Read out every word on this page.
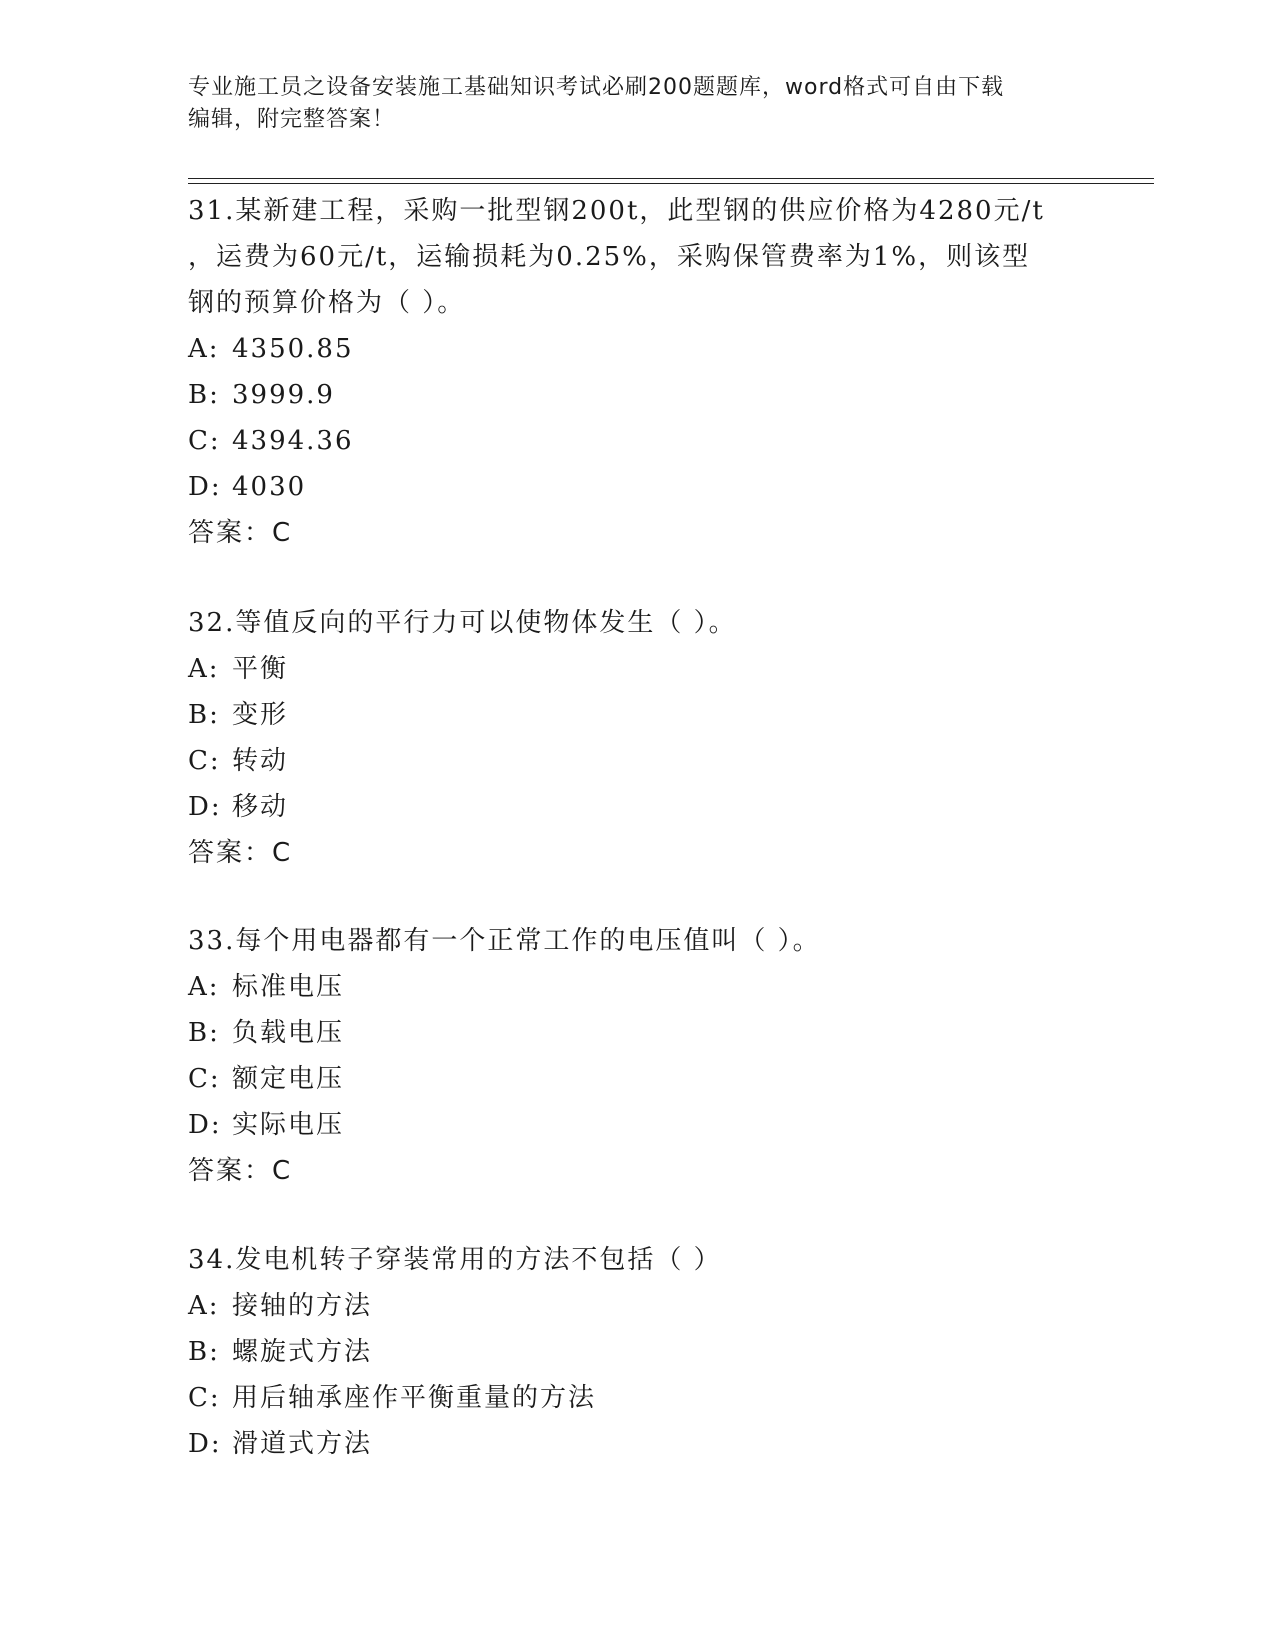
专业施工员之设备安装施工基础知识考试必刷200题题库，word格式可自由下载
编辑，附完整答案！
31.某新建工程，采购一批型钢200t，此型钢的供应价格为4280元/t
，运费为60元/t，运输损耗为0.25%，采购保管费率为1%，则该型
钢的预算价格为（ ）。
A: 4350.85
B: 3999.9
C: 4394.36
D: 4030
答案：C
32.等值反向的平行力可以使物体发生（ ）。
A: 平衡
B: 变形
C: 转动
D: 移动
答案：C
33.每个用电器都有一个正常工作的电压值叫（ ）。
A: 标准电压
B: 负载电压
C: 额定电压
D: 实际电压
答案：C
34.发电机转子穿装常用的方法不包括（ ）
A: 接轴的方法
B: 螺旋式方法
C: 用后轴承座作平衡重量的方法
D: 滑道式方法
